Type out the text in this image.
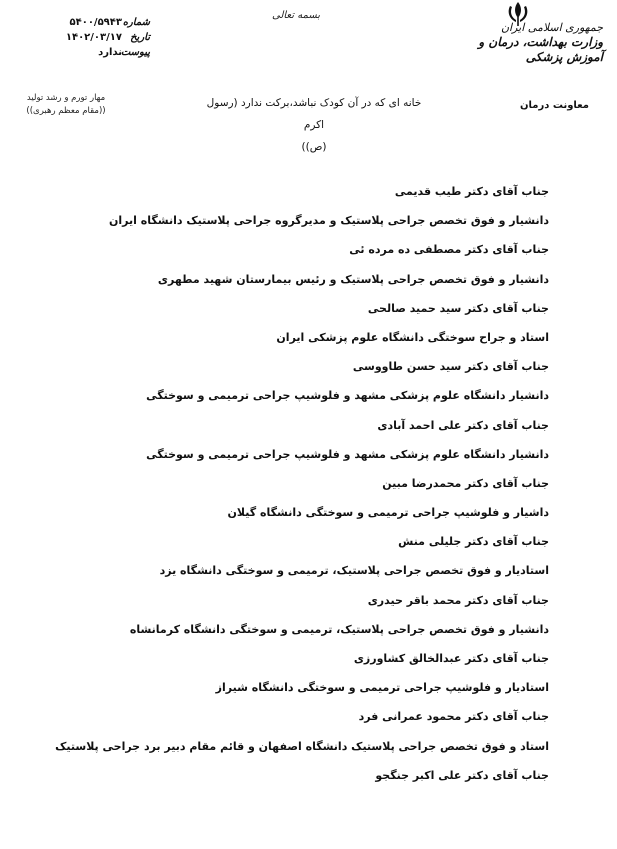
بسمه تعالی
جمهوری اسلامی ایران
وزارت بهداشت، درمان و آموزش پزشکی
معاونت درمان
خانه ای که در آن کودک نباشد،برکت ندارد (رسول اکرم
(ص))
شماره
۵۴۰۰/۵۹۴۳
تاریخ
۱۴۰۲/۰۳/۱۷
پیوست
ندارد
مهار تورم و رشد تولید
((مقام معظم رهبری))
جناب آقای دکتر طیب قدیمی
دانشیار و فوق تخصص جراحی پلاستیک و مدیرگروه جراحی پلاستیک دانشگاه ایران
جناب آقای دکتر مصطفی ده مرده ئی
دانشیار و فوق تخصص جراحی پلاستیک و رئیس بیمارستان شهید مطهری
جناب آقای دکتر سید حمید صالحی
استاد و جراح سوختگی دانشگاه علوم پزشکی ایران
جناب آقای دکتر سید حسن طاووسی
دانشیار دانشگاه علوم پزشکی مشهد و فلوشیپ جراحی ترمیمی و سوختگی
جناب آقای دکتر علی احمد آبادی
دانشیار دانشگاه علوم پزشکی مشهد و فلوشیپ جراحی ترمیمی و سوختگی
جناب آقای دکتر محمدرضا مبین
داشیار و فلوشیپ جراحی ترمیمی و سوختگی دانشگاه گیلان
جناب آقای دکتر جلیلی منش
استادیار و فوق تخصص جراحی پلاستیک، ترمیمی و سوختگی دانشگاه یزد
جناب آقای دکتر محمد باقر حیدری
دانشیار و فوق تخصص جراحی پلاستیک، ترمیمی و سوختگی دانشگاه کرمانشاه
جناب آقای دکتر عبدالخالق کشاورزی
استادیار و فلوشیپ جراحی ترمیمی و سوختگی دانشگاه شیراز
جناب آقای دکتر محمود عمرانی فرد
استاد و فوق تخصص جراحی پلاستیک دانشگاه اصفهان و قائم مقام دبیر برد جراحی پلاستیک
جناب آقای دکتر علی اکبر جنگجو
